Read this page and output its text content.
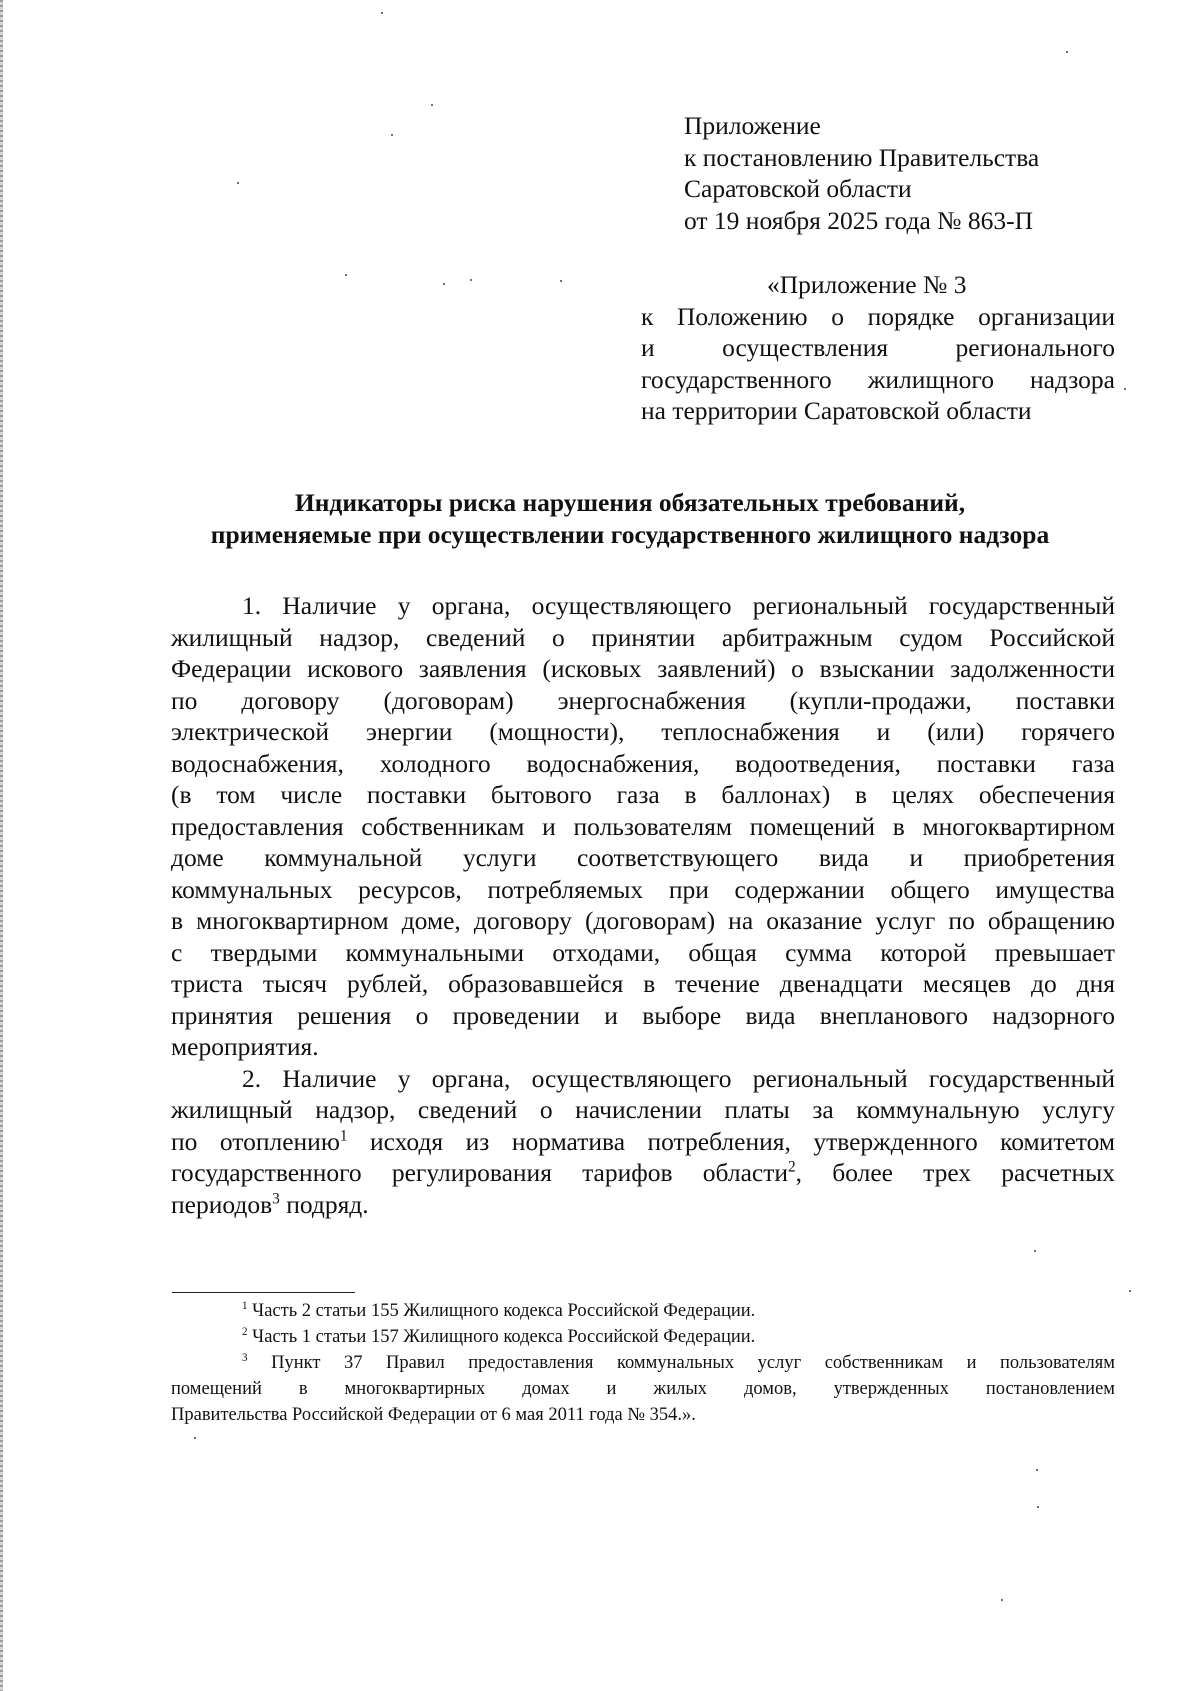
Приложение
к постановлению Правительства
Саратовской области
от 19 ноября 2025 года № 863-П
«Приложение № 3
к Положению о порядке организации
и осуществления регионального
государственного жилищного надзора
на территории Саратовской области
Индикаторы риска нарушения обязательных требований,
применяемые при осуществлении государственного жилищного надзора
1. Наличие у органа, осуществляющего региональный государственный
жилищный надзор, сведений о принятии арбитражным судом Российской
Федерации искового заявления (исковых заявлений) о взыскании задолженности
по договору (договорам) энергоснабжения (купли-продажи, поставки
электрической энергии (мощности), теплоснабжения и (или) горячего
водоснабжения, холодного водоснабжения, водоотведения, поставки газа
(в том числе поставки бытового газа в баллонах) в целях обеспечения
предоставления собственникам и пользователям помещений в многоквартирном
доме коммунальной услуги соответствующего вида и приобретения
коммунальных ресурсов, потребляемых при содержании общего имущества
в многоквартирном доме, договору (договорам) на оказание услуг по обращению
с твердыми коммунальными отходами, общая сумма которой превышает
триста тысяч рублей, образовавшейся в течение двенадцати месяцев до дня
принятия решения о проведении и выборе вида внепланового надзорного
мероприятия.
2. Наличие у органа, осуществляющего региональный государственный
жилищный надзор, сведений о начислении платы за коммунальную услугу
по отоплению$^1$ исходя из норматива потребления, утвержденного комитетом
государственного регулирования тарифов области$^2$, более трех расчетных
периодов$^3$ подряд.
$^1$ Часть 2 статьи 155 Жилищного кодекса Российской Федерации.
$^2$ Часть 1 статьи 157 Жилищного кодекса Российской Федерации.
$^3$ Пункт 37 Правил предоставления коммунальных услуг собственникам и пользователям
помещений в многоквартирных домах и жилых домов, утвержденных постановлением
Правительства Российской Федерации от 6 мая 2011 года № 354.».
